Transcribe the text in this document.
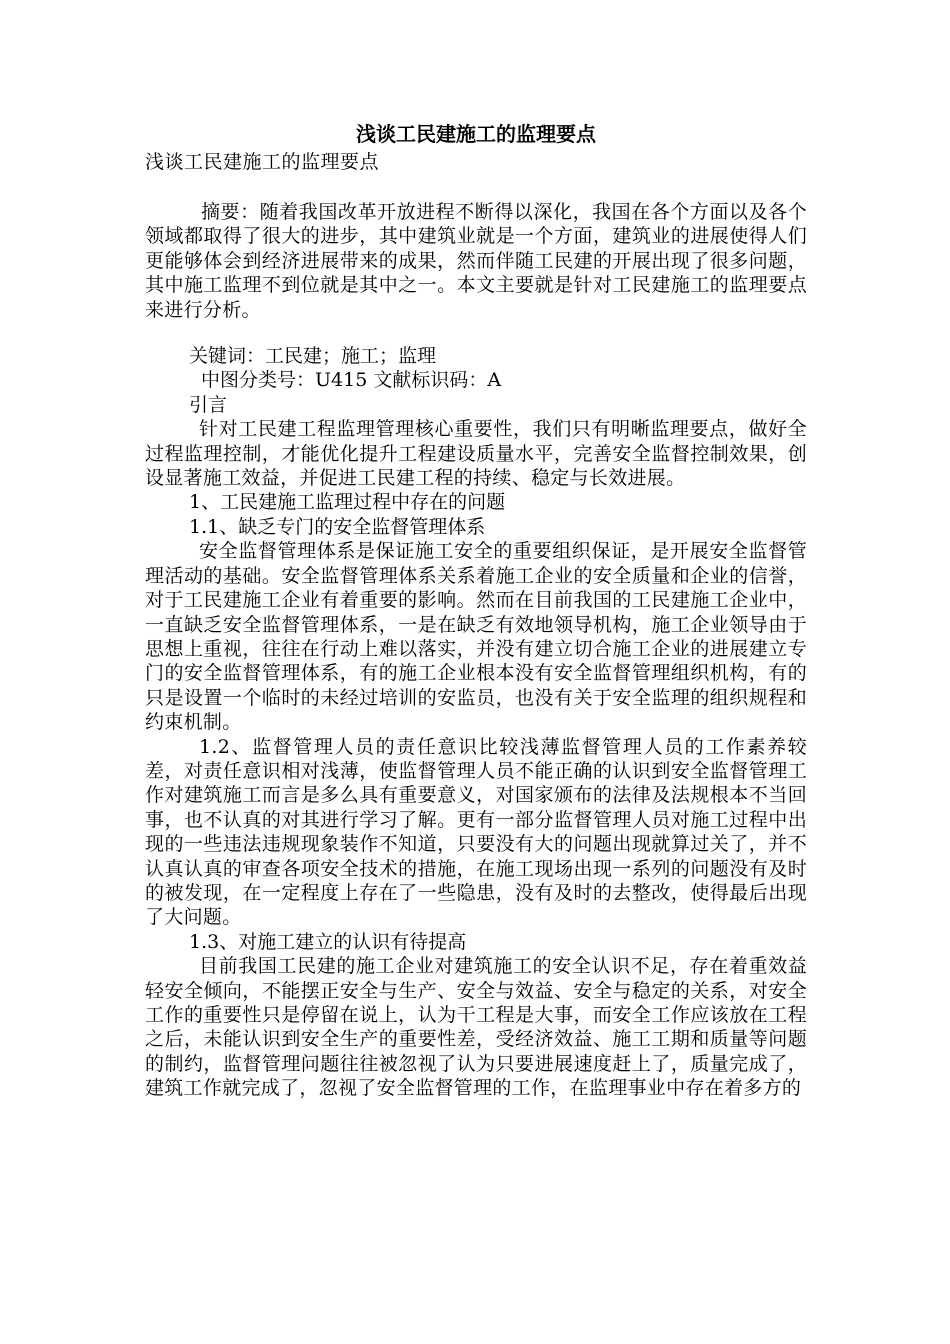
浅谈工民建施工的监理要点

浅谈工民建施工的监理要点

摘要：随着我国改革开放进程不断得以深化，我国在各个方面以及各个领域都取得了很大的进步，其中建筑业就是一个方面，建筑业的进展使得人们更能够体会到经济进展带来的成果，然而伴随工民建的开展出现了很多问题，其中施工监理不到位就是其中之一。本文主要就是针对工民建施工的监理要点来进行分析。

关键词：工民建；施工；监理

中图分类号：U415 文献标识码：A

引言

针对工民建工程监理管理核心重要性，我们只有明晰监理要点，做好全过程监理控制，才能优化提升工程建设质量水平，完善安全监督控制效果，创设显著施工效益，并促进工民建工程的持续、稳定与长效进展。

1、工民建施工监理过程中存在的问题

1.1、缺乏专门的安全监督管理体系

安全监督管理体系是保证施工安全的重要组织保证，是开展安全监督管理活动的基础。安全监督管理体系关系着施工企业的安全质量和企业的信誉，对于工民建施工企业有着重要的影响。然而在目前我国的工民建施工企业中，一直缺乏安全监督管理体系，一是在缺乏有效地领导机构，施工企业领导由于思想上重视，往往在行动上难以落实，并没有建立切合施工企业的进展建立专门的安全监督管理体系，有的施工企业根本没有安全监督管理组织机构，有的只是设置一个临时的未经过培训的安监员，也没有关于安全监理的组织规程和约束机制。

1.2、监督管理人员的责任意识比较浅薄监督管理人员的工作素养较差，对责任意识相对浅薄，使监督管理人员不能正确的认识到安全监督管理工作对建筑施工而言是多么具有重要意义，对国家颁布的法律及法规根本不当回事，也不认真的对其进行学习了解。更有一部分监督管理人员对施工过程中出现的一些违法违规现象装作不知道，只要没有大的问题出现就算过关了，并不认真认真的审查各项安全技术的措施，在施工现场出现一系列的问题没有及时的被发现，在一定程度上存在了一些隐患，没有及时的去整改，使得最后出现了大问题。

1.3、对施工建立的认识有待提高

目前我国工民建的施工企业对建筑施工的安全认识不足，存在着重效益轻安全倾向，不能摆正安全与生产、安全与效益、安全与稳定的关系，对安全工作的重要性只是停留在说上，认为干工程是大事，而安全工作应该放在工程之后，未能认识到安全生产的重要性差，受经济效益、施工工期和质量等问题的制约，监督管理问题往往被忽视了认为只要进展速度赶上了，质量完成了，建筑工作就完成了，忽视了安全监督管理的工作，在监理事业中存在着多方的
